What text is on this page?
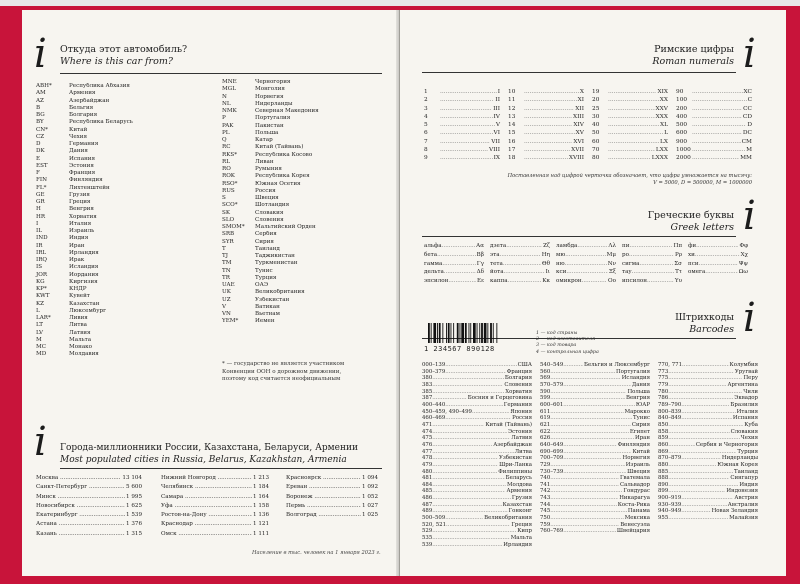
i Откуда этот автомобиль?
Where is this car from?
ABH*	Республика Абхазия
AM	Армения
AZ	Азербайджан
B	Бельгия
BG	Болгария
BY	Республика Беларусь
CN*	Китай
CZ	Чехия
D	Германия
DK	Дания
E	Испания
EST	Эстония
F	Франция
FIN	Финляндия
FL*	Лихтенштейн
GE	Грузия
GR	Греция
H	Венгрия
HR	Хорватия
I	Италия
IL	Израиль
IND	Индия
IR	Иран
IRL	Ирландия
IRQ	Ирак
IS	Исландия
JOR	Иордания
KG	Киргизия
KP*	КНДР
KWT	Кувейт
KZ	Казахстан
L	Люксембург
LAR*	Ливия
LT	Литва
LV	Латвия
M	Мальта
MC	Монако
MD	Молдавия
MNE	Черногория
MGL	Монголия
N	Норвегия
NL	Нидерланды
NMK	Северная Македония
P	Португалия
PAK	Пакистан
PL	Польша
Q	Катар
RC	Китай (Тайвань)
RKS*	Республика Косово
RL	Ливан
RO	Румыния
ROK	Республика Корея
RSO*	Южная Осетия
RUS	Россия
S	Швеция
SCO*	Шотландия
SK	Словакия
SLO	Словения
SMOM*	Мальтийский Орден
SRB	Сербия
SYR	Сирия
T	Таиланд
TJ	Таджикистан
TM	Туркменистан
TN	Тунис
TR	Турция
UAE	ОАЭ
UK	Великобритания
UZ	Узбекистан
V	Ватикан
VN	Вьетнам
YEM*	Йемен
* — государство не является участником
Конвенции ООН о дорожном движении,
поэтому код считается неофициальным
i Города-миллионники России, Казахстана, Беларуси, Армении
Most populated cities in Russia, Belarus, Kazakhstan, Armenia
Москва .....	13 104
Санкт-Петербург .....	5 600
Минск .....	1 995
Новосибирск .....	1 625
Екатеринбург .....	1 539
Астана .....	1 376
Казань .....	1 315
Нижний Новгород .....	1 213
Челябинск .....	1 184
Самара .....	1 164
Уфа .....	1 158
Ростов-на-Дону .....	1 136
Краснодар .....	1 121
Омск .....	1 111
Красноярск .....	1 094
Ереван .....	1 092
Воронеж .....	1 052
Пермь .....	1 027
Волгоград .....	1 025
Население в тыс. человек на 1 января 2023 г.
i
Римские цифры
Roman numerals
1 .....	I
2 .....	II
3 .....	III
4 .....	IV
5 .....	V
6 .....	VI
7 .....	VII
8 .....	VIII
9 .....	IX
10 .....	X
11 .....	XI
12 .....	XII
13 .....	XIII
14 .....	XIV
15 .....	XV
16 .....	XVI
17 .....	XVII
18 .....	XVIII
19 .....	XIX
20 .....	XX
25 .....	XXV
30 .....	XXX
40 .....	XL
50 .....	L
60 .....	LX
70 .....	LXX
80 .....	LXXX
90 .....	XC
100 .....	C
200 .....	CC
400 .....	CD
500 .....	D
600 .....	DC
900 .....	CM
1000 .....	M
2000 .....	MM
Поставленная над цифрой черточка обозначает, что цифра умножается на тысячу:
V = 5000, D = 500000, M = 1000000
i
Греческие буквы
Greek letters
альфа .....	Aα
бета .....	Bβ
гамма .....	Γγ
дельта .....	Δδ
эпсилон .....	Eε
дзета .....	Zζ
эта .....	Hη
тета .....	Θθ
йота .....	Iι
каппа .....	Kκ
ламбда .....	Λλ
мю .....	Mμ
ню .....	Nν
кси .....	Ξξ
омикрон .....	Oo
пи .....	Ππ
ро .....	Pρ
сигма .....	Σσ
тау .....	Tτ
ипсилон .....	Yυ
фи .....	Φφ
хи .....	Xχ
пси .....	Ψψ
омега .....	Ωω
i
Штрихкоды
Barcodes
1 234567 890128
1 — код страны
2 — код изготовителя
3 — код товара
4 — контрольная цифра
000–139 .....	США
300–379 .....	Франция
380 .....	Болгария
383 .....	Словения
385 .....	Хорватия
387 .....	Босния и Герцеговина
400–440 .....	Германия
450–459, 490–499 .....	Япония
460–469 .....	Россия
471 .....	Китай (Тайвань)
474 .....	Эстония
475 .....	Латвия
476 .....	Азербайджан
477 .....	Литва
478 .....	Узбекистан
479 .....	Шри-Ланка
480 .....	Филиппины
481 .....	Беларусь
484 .....	Молдова
485 .....	Армения
486 .....	Грузия
487 .....	Казахстан
489 .....	Гонконг
500–509 .....	Великобритания
520, 521 .....	Греция
529 .....	Кипр
535 .....	Мальта
539 .....	Ирландия
540–549 .....	Бельгия и Люксембург
560 .....	Португалия
569 .....	Исландия
570–579 .....	Дания
590 .....	Польша
599 .....	Венгрия
600–601 .....	ЮАР
611 .....	Марокко
619 .....	Тунис
621 .....	Сирия
622 .....	Египет
626 .....	Иран
640–649 .....	Финляндия
690–699 .....	Китай
700–709 .....	Норвегия
729 .....	Израиль
730–739 .....	Швеция
740 .....	Гватемала
741 .....	Сальвадор
742 .....	Гондурас
743 .....	Никарагуа
744 .....	Коста-Рика
745 .....	Панама
750 .....	Мексика
759 .....	Венесуэла
760–769 .....	Швейцария
770, 771 .....	Колумбия
773 .....	Уругвай
775 .....	Перу
779 .....	Аргентина
780 .....	Чили
786 .....	Эквадор
789–790 .....	Бразилия
800–839 .....	Италия
840–849 .....	Испания
850 .....	Куба
858 .....	Словакия
859 .....	Чехия
860 .....	Сербия и Черногория
869 .....	Турция
870–879 .....	Нидерланды
880 .....	Южная Корея
885 .....	Таиланд
888 .....	Сингапур
890 .....	Индия
899 .....	Индонезия
900–919 .....	Австрия
930–939 .....	Австралия
940–949 .....	Новая Зеландия
955 .....	Малайзия
